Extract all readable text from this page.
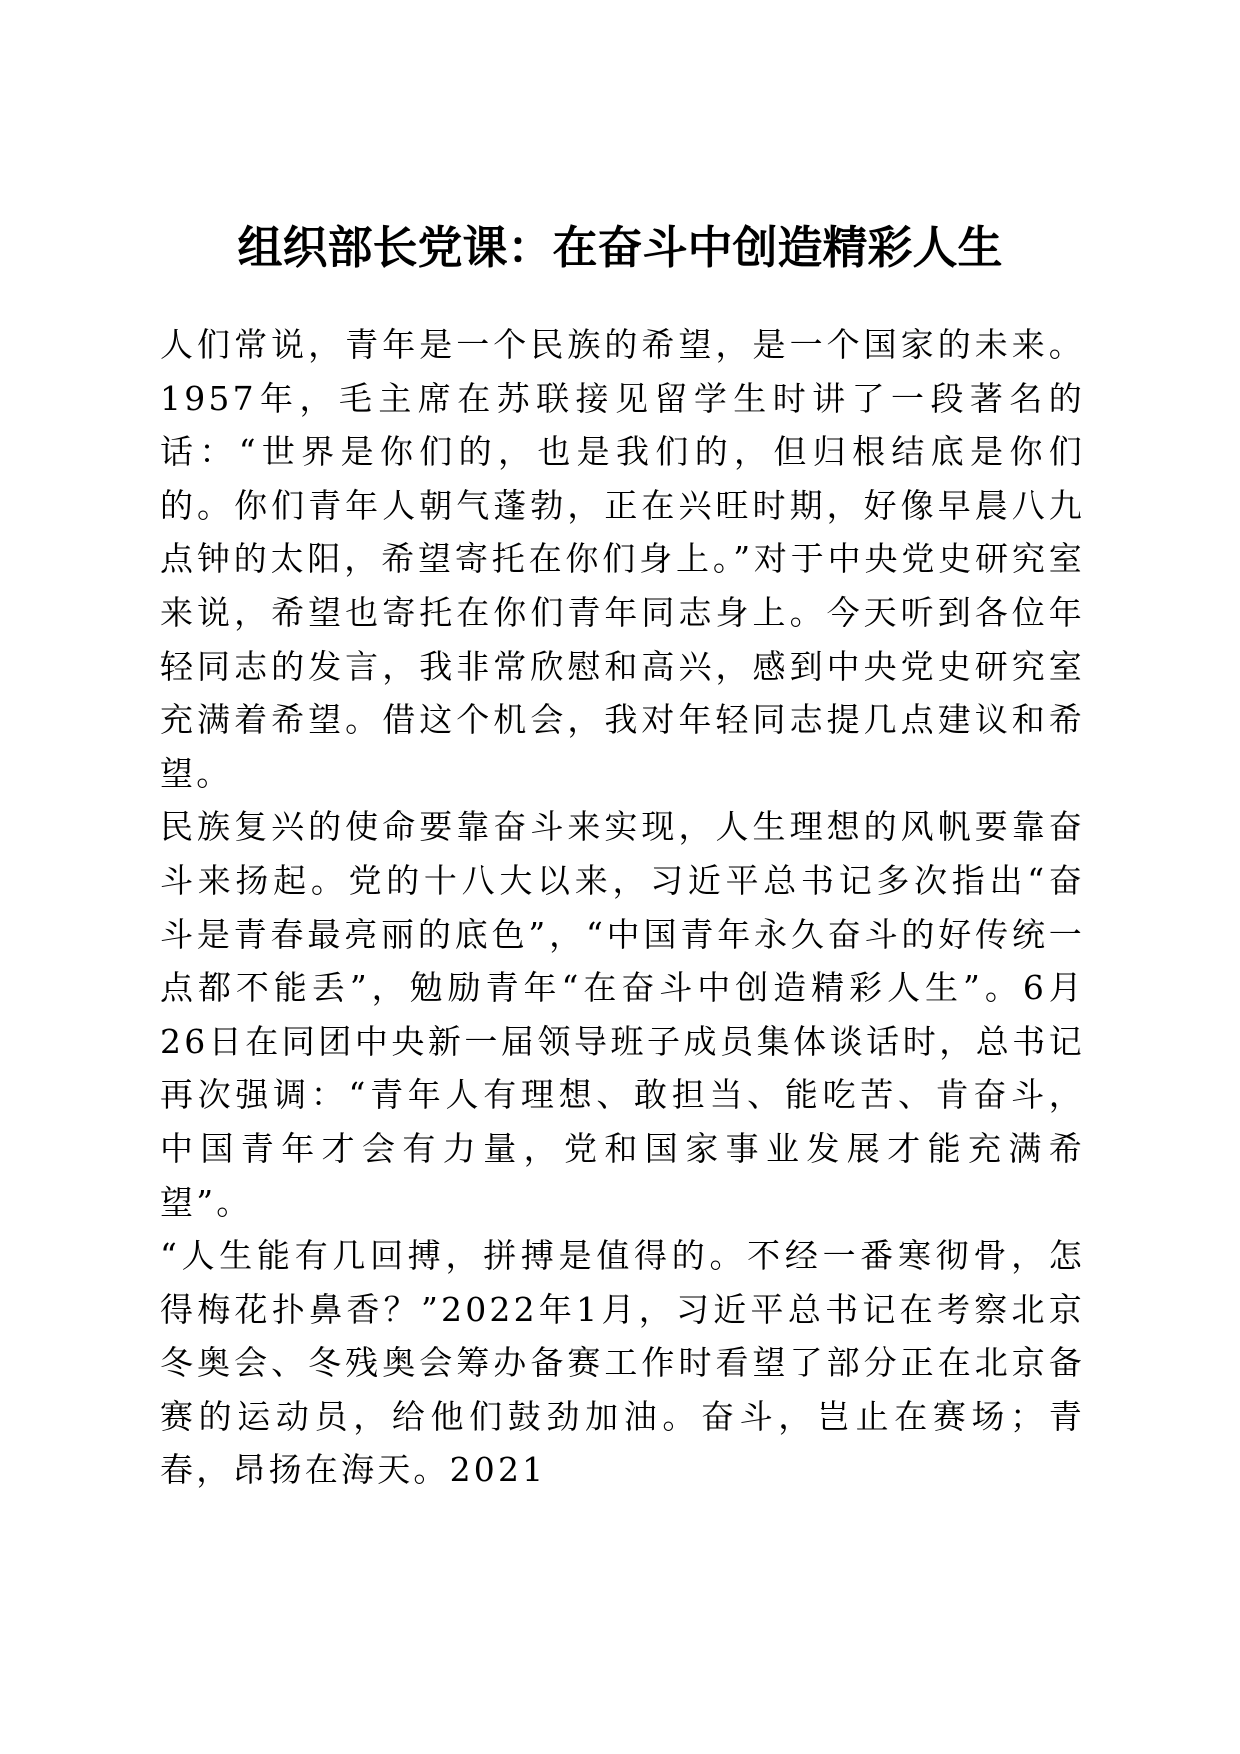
组织部长党课：在奋斗中创造精彩人生

人们常说，青年是一个民族的希望，是一个国家的未来。1957年，毛主席在苏联接见留学生时讲了一段著名的话：“世界是你们的，也是我们的，但归根结底是你们的。你们青年人朝气蓬勃，正在兴旺时期，好像早晨八九点钟的太阳，希望寄托在你们身上。”对于中央党史研究室来说，希望也寄托在你们青年同志身上。今天听到各位年轻同志的发言，我非常欣慰和高兴，感到中央党史研究室充满着希望。借这个机会，我对年轻同志提几点建议和希望。

民族复兴的使命要靠奋斗来实现，人生理想的风帆要靠奋斗来扬起。党的十八大以来，习近平总书记多次指出“奋斗是青春最亮丽的底色”，“中国青年永久奋斗的好传统一点都不能丢”，勉励青年“在奋斗中创造精彩人生”。6月26日在同团中央新一届领导班子成员集体谈话时，总书记再次强调：“青年人有理想、敢担当、能吃苦、肯奋斗，中国青年才会有力量，党和国家事业发展才能充满希望”。

“人生能有几回搏，拼搏是值得的。不经一番寒彻骨，怎得梅花扑鼻香？”2022年1月，习近平总书记在考察北京冬奥会、冬残奥会筹办备赛工作时看望了部分正在北京备赛的运动员，给他们鼓劲加油。奋斗，岂止在赛场；青春，昂扬在海天。2021
